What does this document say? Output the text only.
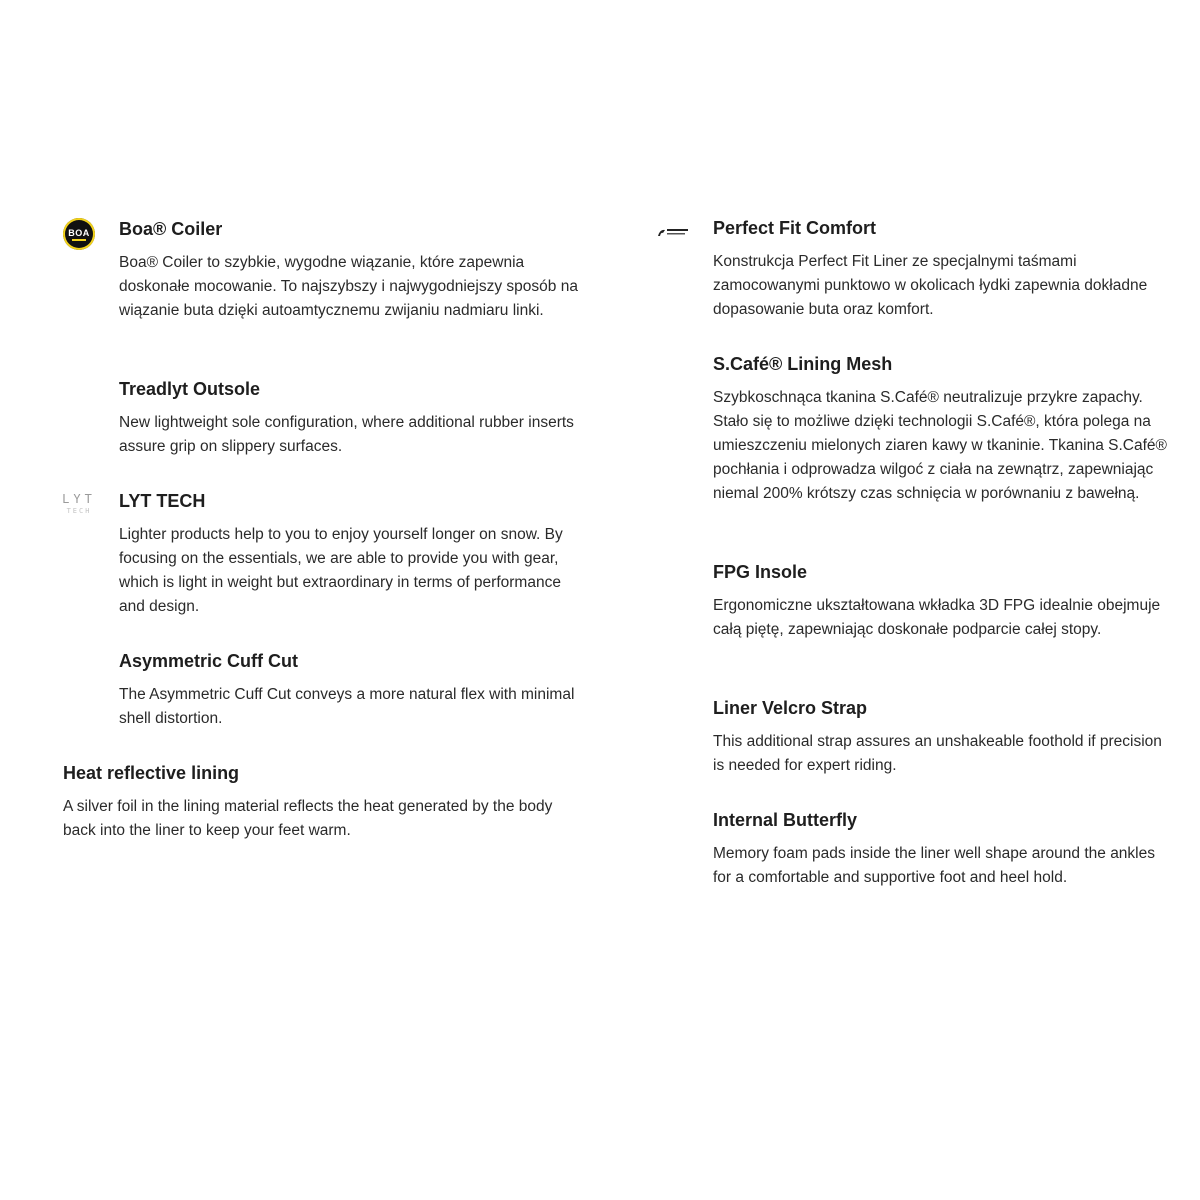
BOA Boa® Coiler

Boa® Coiler to szybkie, wygodne wiązanie, które zapewnia doskonałe mocowanie. To najszybszy i najwygodniejszy sposób na wiązanie buta dzięki autoamtycznemu zwijaniu nadmiaru linki.

Treadlyt Outsole

New lightweight sole configuration, where additional rubber inserts assure grip on slippery surfaces.

LYT
TECH LYT TECH

Lighter products help to you to enjoy yourself longer on snow. By focusing on the essentials, we are able to provide you with gear, which is light in weight but extraordinary in terms of performance and design.

Asymmetric Cuff Cut

The Asymmetric Cuff Cut conveys a more natural flex with minimal shell distortion.

Heat reflective lining

A silver foil in the lining material reflects the heat generated by the body back into the liner to keep your feet warm.

Perfect Fit Comfort

Konstrukcja Perfect Fit Liner ze specjalnymi taśmami zamocowanymi punktowo w okolicach łydki zapewnia dokładne dopasowanie buta oraz komfort.

S.Café® Lining Mesh

Szybkoschnąca tkanina S.Café® neutralizuje przykre zapachy. Stało się to możliwe dzięki technologii S.Café®, która polega na umieszczeniu mielonych ziaren kawy w tkaninie. Tkanina S.Café® pochłania i odprowadza wilgoć z ciała na zewnątrz, zapewniając niemal 200% krótszy czas schnięcia w porównaniu z bawełną.

FPG Insole

Ergonomiczne ukształtowana wkładka 3D FPG idealnie obejmuje całą piętę, zapewniając doskonałe podparcie całej stopy.

Liner Velcro Strap

This additional strap assures an unshakeable foothold if precision is needed for expert riding.

Internal Butterfly

Memory foam pads inside the liner well shape around the ankles for a comfortable and supportive foot and heel hold.
